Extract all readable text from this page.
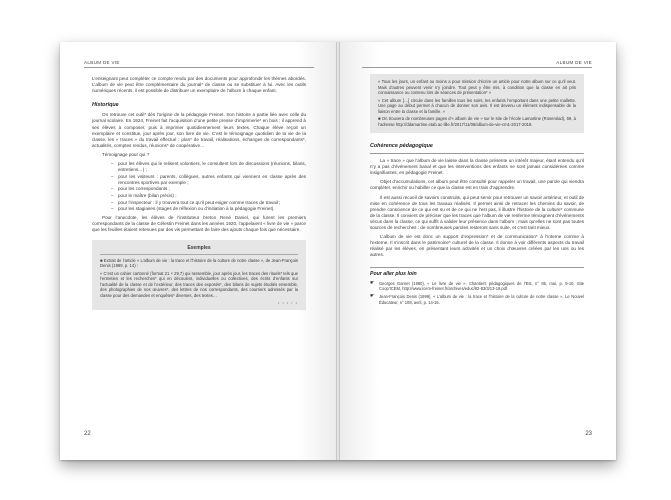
ALBUM DE VIE

L’enseignant peut compléter ce compte rendu par des documents pour approfondir les thèmes abordés. L’album de vie peut être complémentaire du journal* de classe ou se substituer à lui. Avec les outils numériques récents, il est possible de distribuer un exemplaire de l’album à chaque enfant.

Historique

On retrouve cet outil* dès l’origine de la pédagogie Freinet. Son histoire a partie liée avec celle du journal scolaire. En 1924, Freinet fait l’acquisition d’une petite presse d’imprimerie* en bois ; il apprend à ses élèves à composer, puis à imprimer quotidiennement leurs textes. Chaque élève reçoit un exemplaire et constitue, jour après jour, son livre de vie. C’est le témoignage quotidien de la vie de la classe, les « traces » du travail effectué : plan* de travail, réalisations, échanges de correspondants*, actualités, comptes rendus, réunions* de coopérative…

Témoignage pour qui ?

– pour les élèves qui le relisent volontiers, le consultent lors de discussions (réunions, bilans, entretiens…) ;
– pour les visiteurs : parents, collègues, autres enfants qui viennent en classe après des rencontres sportives par exemple ;
– pour les correspondants ;
– pour le maître (bilan précis) ;
– pour l’inspecteur : il y trouvera tout ce qu’il peut exiger comme traces de travail ;
– pour les stagiaires (stages de réflexion ou d’initiation à la pédagogie Freinet).

Pour l’anecdote, les élèves de l’instituteur breton René Daniel, qui furent les premiers correspondants de la classe de Célestin Freinet dans les années 1920, l’appelaient « livre de vie » parce que les feuilles étaient retenues par des vis permettant de faire des ajouts chaque fois que nécessaire.

Exemples

■ Extrait de l’article « L’album de vie : la trace et l’histoire de la culture de notre classe », de Jean-François Denis (1999, p. 14) :

« C’est un cahier cartonné (format 21 × 29,7) qui rassemble, jour après jour, les traces des rituels* tels que l’entretien et les recherches* qui en découlent, individuelles ou collectives, des écrits d’enfants sur l’actualité de la classe et de l’extérieur, des traces des exposés*, des bilans de sujets étudiés ensemble, des photographies de nos œuvres*, des lettres de nos correspondants, des courriers adressés par la classe pour des demandes et enquêtes* diverses, des textes…

• • • / •
22
ALBUM DE VIE

« Tous les jours, un enfant ou moins a pour mission d’écrire un article pour notre album sur ce qu’il veut. Mais d’autres peuvent venir s’y joindre. Tout peut y être mis, à condition que la classe en ait pris connaissance ou contenu lors de séances de présentation* »

« Cet album […] circule dans les familles tous les soirs, les enfants l’emportant dans une petite mallette. Une page au début permet à chacun de donner son avis. Il est devenu un élément indispensable de la liaison entre la classe et la famille. »

■ On trouvera de nombreuses pages d’« album de vie » sur le site de l’école Lamartine (Roserolad), 59, à l’adresse http://ddamartine.etab.ac-lille.fr/2017/11/08/album-de-vie-cm1-2017-2018.

Cohérence pédagogique

La « trace » que l’album de vie laisse dans la classe présente un intérêt majeur, étant entendu qu’il n’y a pas d’événement banal et que les interventions des enfants ne sont jamais considérées comme insignifiantes, en pédagogie Freinet.

Objet d’accumulations, cet album peut être consulté pour rappeler un travail, une parole qui viendra compléter, enrichir ou habiller ce que la classe est en train d’apprendre.

Il est aussi recueil de savoirs construits, qui peut servir pour retrouver un savoir antérieur, et outil de mise en cohérence de tous les travaux réalisés. Il permet ainsi de retracer les chemins du savoir, de prendre conscience de ce qui est su et de ce qui ne l’est pas, il illustre l’histoire de la culture* commune de la classe. Il convient de préciser que les traces que l’album de vie renferme témoignent d’événements vécus dans la classe, ce qui suffit à valider leur présence dans l’album ; mais qu’elles ne sont pas toutes sources de recherches : de nombreuses paroles resteront sans suite, et c’est tant mieux.

L’album de vie est donc un support d’expression* et de communication* à l’interne comme à l’externe. Il s’inscrit dans le patrimoine* culturel de la classe. Il donne à voir différents aspects du travail réalisé par les élèves, en présentant leurs activités et un choix d’œuvres créées par les uns ou les autres.

Pour aller plus loin
☛ Georges Garnet (1980), « Le livre de vie », Chantiers pédagogiques de l’Est, n° 85, mai, p. 9-10. Site Coop’ICEM, http://www.icem-freinet.fr/archives/educ/82-83/3/13-19.pdf.
☛ Jean-François Denis (1999), « L’album de vie : la trace et l’histoire de la culture de notre classe », Le Nouvel Éducateur, n° 108, avril, p. 14-15.
23
